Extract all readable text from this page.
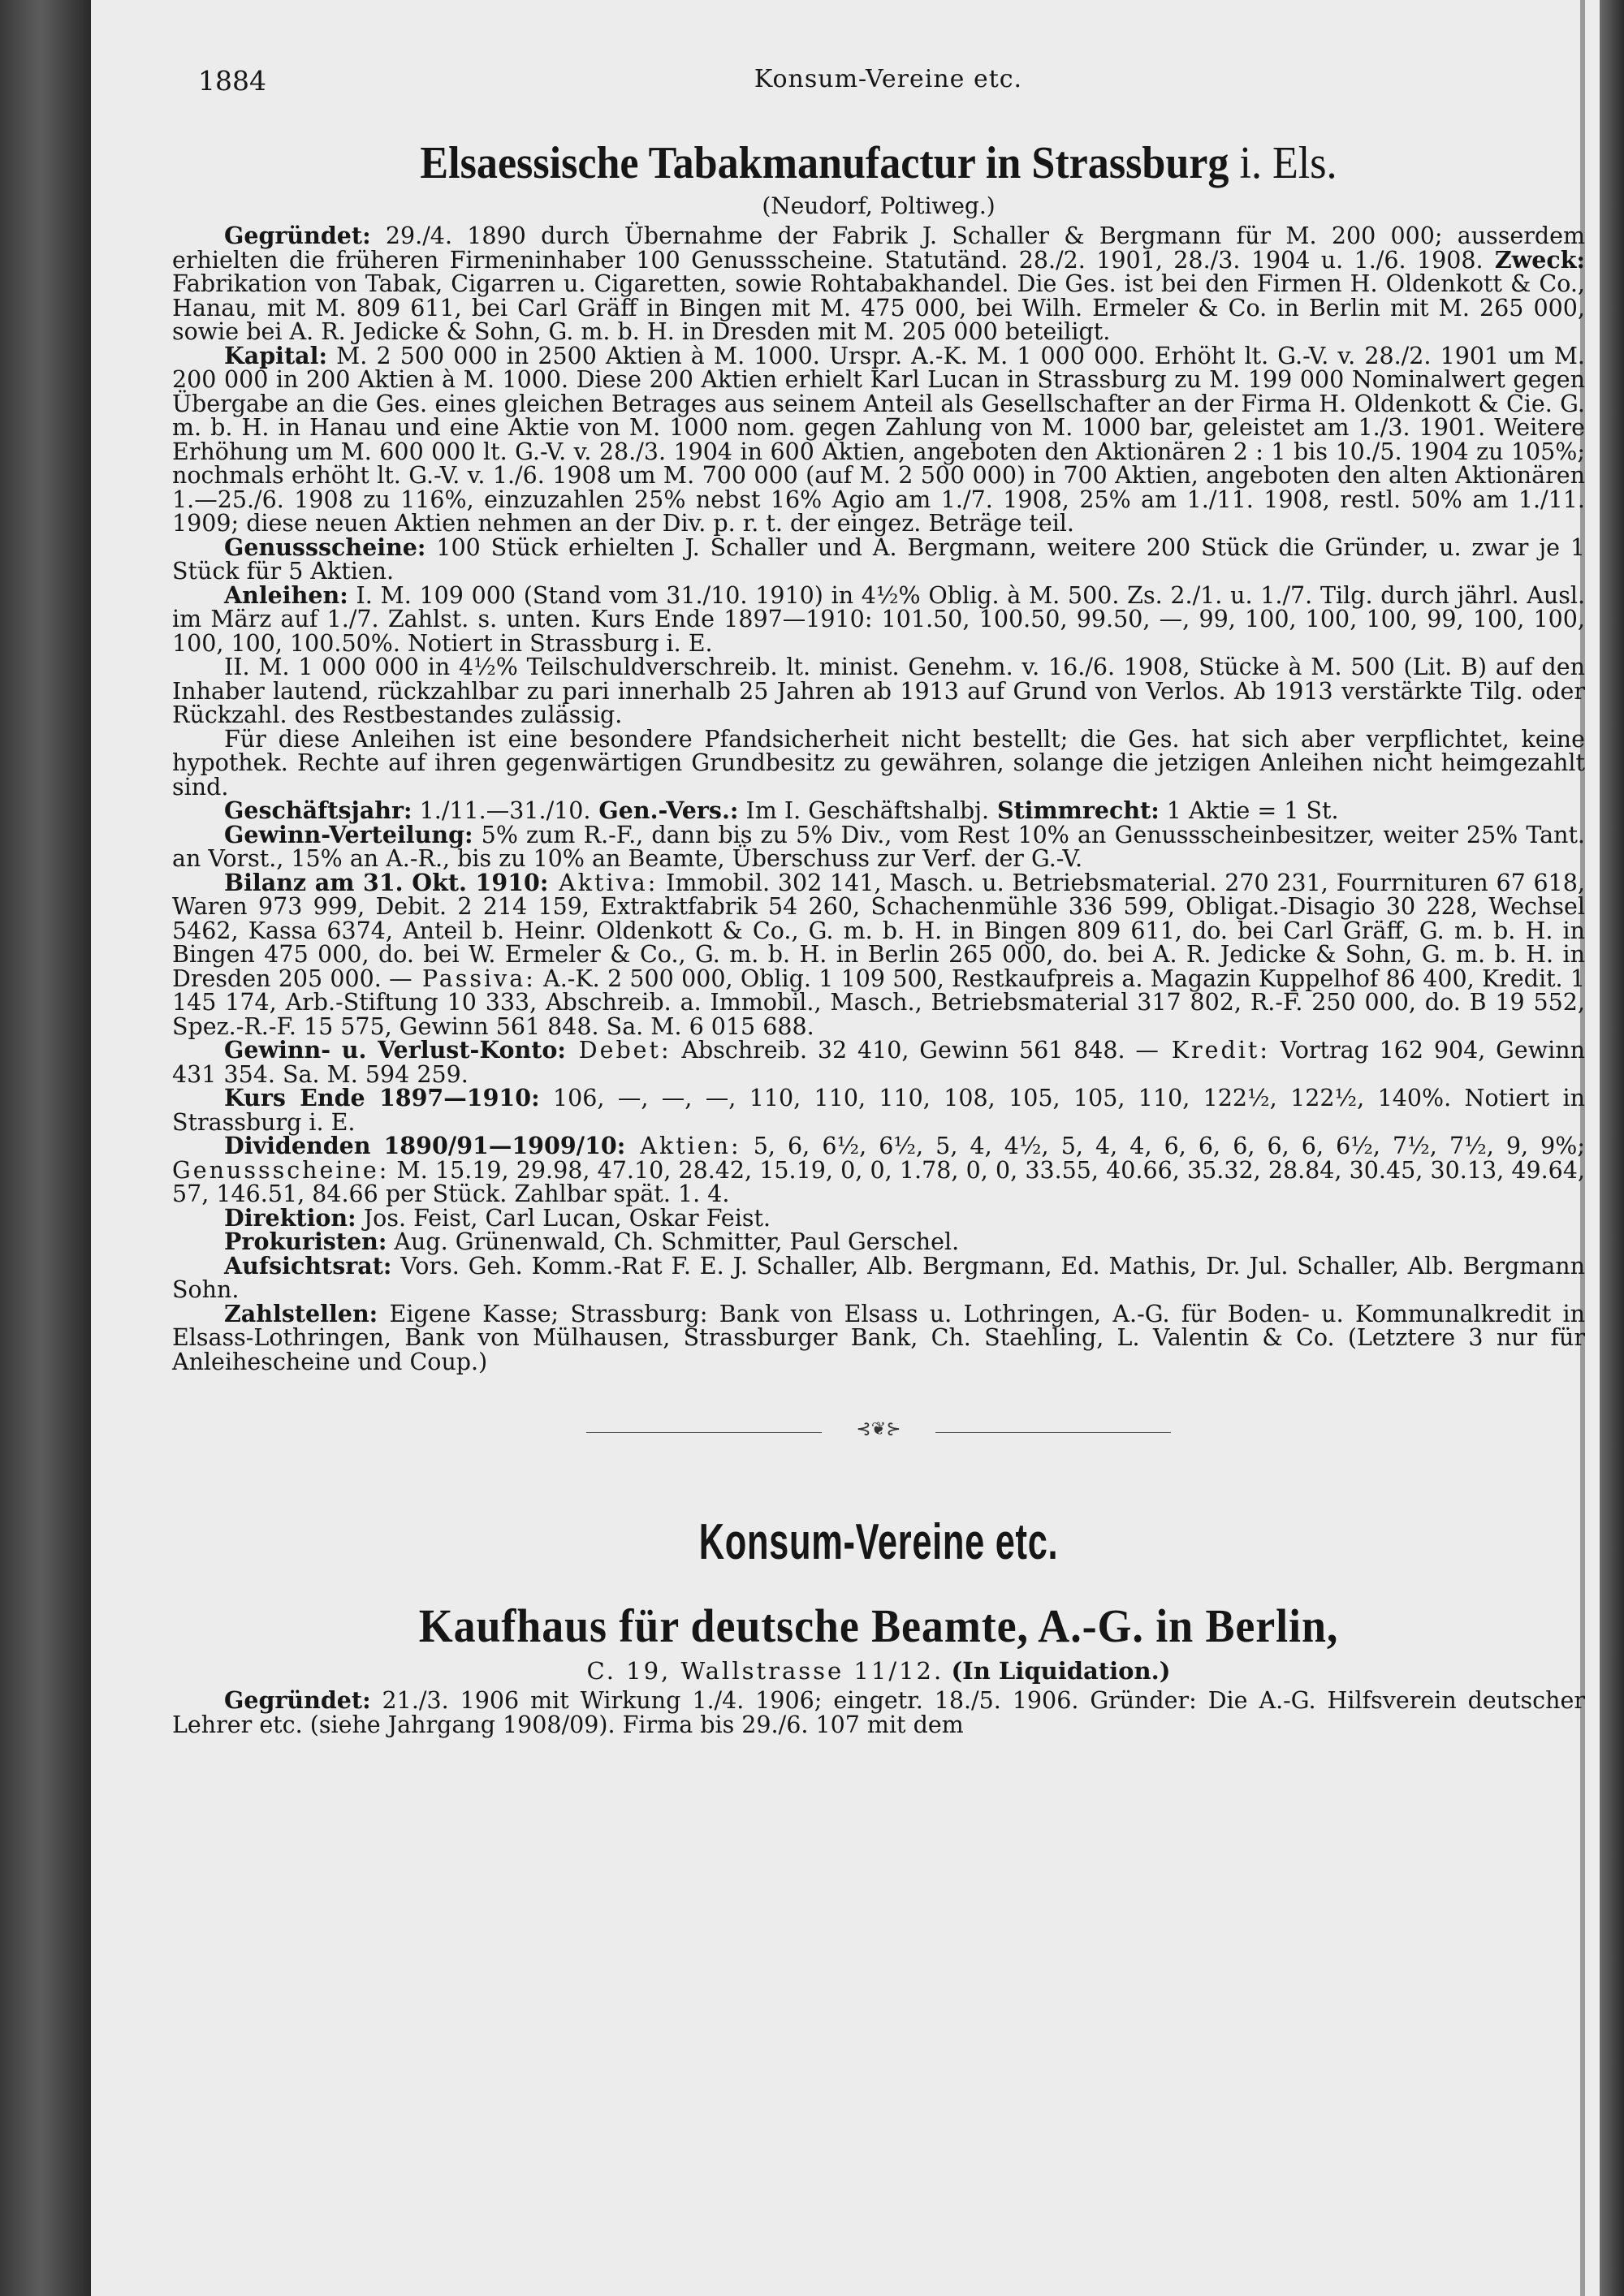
1884	Konsum-Vereine etc.
Elsaessische Tabakmanufactur in Strassburg i. Els.
(Neudorf, Poltiweg.)

Gegründet: 29./4. 1890 durch Übernahme der Fabrik J. Schaller & Bergmann für M. 200 000; ausserdem erhielten die früheren Firmeninhaber 100 Genussscheine. Statutänd. 28./2. 1901, 28./3. 1904 u. 1./6. 1908. Zweck: Fabrikation von Tabak, Cigarren u. Cigaretten, sowie Rohtabakhandel. Die Ges. ist bei den Firmen H. Oldenkott & Co., Hanau, mit M. 809 611, bei Carl Gräff in Bingen mit M. 475 000, bei Wilh. Ermeler & Co. in Berlin mit M. 265 000, sowie bei A. R. Jedicke & Sohn, G. m. b. H. in Dresden mit M. 205 000 beteiligt.

Kapital: M. 2 500 000 in 2500 Aktien à M. 1000. Urspr. A.-K. M. 1 000 000. Erhöht lt. G.-V. v. 28./2. 1901 um M. 200 000 in 200 Aktien à M. 1000. Diese 200 Aktien erhielt Karl Lucan in Strassburg zu M. 199 000 Nominalwert gegen Übergabe an die Ges. eines gleichen Betrages aus seinem Anteil als Gesellschafter an der Firma H. Oldenkott & Cie. G. m. b. H. in Hanau und eine Aktie von M. 1000 nom. gegen Zahlung von M. 1000 bar, geleistet am 1./3. 1901. Weitere Erhöhung um M. 600 000 lt. G.-V. v. 28./3. 1904 in 600 Aktien, angeboten den Aktionären 2 : 1 bis 10./5. 1904 zu 105%; nochmals erhöht lt. G.-V. v. 1./6. 1908 um M. 700 000 (auf M. 2 500 000) in 700 Aktien, angeboten den alten Aktionären 1.—25./6. 1908 zu 116%, einzuzahlen 25% nebst 16% Agio am 1./7. 1908, 25% am 1./11. 1908, restl. 50% am 1./11. 1909; diese neuen Aktien nehmen an der Div. p. r. t. der eingez. Beträge teil.

Genussscheine: 100 Stück erhielten J. Schaller und A. Bergmann, weitere 200 Stück die Gründer, u. zwar je 1 Stück für 5 Aktien.

Anleihen: I. M. 109 000 (Stand vom 31./10. 1910) in 4½% Oblig. à M. 500. Zs. 2./1. u. 1./7. Tilg. durch jährl. Ausl. im März auf 1./7. Zahlst. s. unten. Kurs Ende 1897—1910: 101.50, 100.50, 99.50, —, 99, 100, 100, 100, 99, 100, 100, 100, 100, 100.50%. Notiert in Strassburg i. E.

II. M. 1 000 000 in 4½% Teilschuldverschreib. lt. minist. Genehm. v. 16./6. 1908, Stücke à M. 500 (Lit. B) auf den Inhaber lautend, rückzahlbar zu pari innerhalb 25 Jahren ab 1913 auf Grund von Verlos. Ab 1913 verstärkte Tilg. oder Rückzahl. des Restbestandes zulässig.

Für diese Anleihen ist eine besondere Pfandsicherheit nicht bestellt; die Ges. hat sich aber verpflichtet, keine hypothek. Rechte auf ihren gegenwärtigen Grundbesitz zu gewähren, solange die jetzigen Anleihen nicht heimgezahlt sind.

Geschäftsjahr: 1./11.—31./10. Gen.-Vers.: Im I. Geschäftshalbj. Stimmrecht: 1 Aktie = 1 St.

Gewinn-Verteilung: 5% zum R.-F., dann bis zu 5% Div., vom Rest 10% an Genussscheinbesitzer, weiter 25% Tant. an Vorst., 15% an A.-R., bis zu 10% an Beamte, Überschuss zur Verf. der G.-V.

Bilanz am 31. Okt. 1910: Aktiva: Immobil. 302 141, Masch. u. Betriebsmaterial. 270 231, Fourrnituren 67 618, Waren 973 999, Debit. 2 214 159, Extraktfabrik 54 260, Schachenmühle 336 599, Obligat.-Disagio 30 228, Wechsel 5462, Kassa 6374, Anteil b. Heinr. Oldenkott & Co., G. m. b. H. in Bingen 809 611, do. bei Carl Gräff, G. m. b. H. in Bingen 475 000, do. bei W. Ermeler & Co., G. m. b. H. in Berlin 265 000, do. bei A. R. Jedicke & Sohn, G. m. b. H. in Dresden 205 000. — Passiva: A.-K. 2 500 000, Oblig. 1 109 500, Restkaufpreis a. Magazin Kuppelhof 86 400, Kredit. 1 145 174, Arb.-Stiftung 10 333, Abschreib. a. Immobil., Masch., Betriebsmaterial 317 802, R.-F. 250 000, do. B 19 552, Spez.-R.-F. 15 575, Gewinn 561 848. Sa. M. 6 015 688.

Gewinn- u. Verlust-Konto: Debet: Abschreib. 32 410, Gewinn 561 848. — Kredit: Vortrag 162 904, Gewinn 431 354. Sa. M. 594 259.

Kurs Ende 1897—1910: 106, —, —, —, 110, 110, 110, 108, 105, 105, 110, 122½, 122½, 140%. Notiert in Strassburg i. E.

Dividenden 1890/91—1909/10: Aktien: 5, 6, 6½, 6½, 5, 4, 4½, 5, 4, 4, 6, 6, 6, 6, 6, 6½, 7½, 7½, 9, 9%; Genussscheine: M. 15.19, 29.98, 47.10, 28.42, 15.19, 0, 0, 1.78, 0, 0, 33.55, 40.66, 35.32, 28.84, 30.45, 30.13, 49.64, 57, 146.51, 84.66 per Stück. Zahlbar spät. 1. 4.

Direktion: Jos. Feist, Carl Lucan, Oskar Feist.

Prokuristen: Aug. Grünenwald, Ch. Schmitter, Paul Gerschel.

Aufsichtsrat: Vors. Geh. Komm.-Rat F. E. J. Schaller, Alb. Bergmann, Ed. Mathis, Dr. Jul. Schaller, Alb. Bergmann Sohn.

Zahlstellen: Eigene Kasse; Strassburg: Bank von Elsass u. Lothringen, A.-G. für Boden- u. Kommunalkredit in Elsass-Lothringen, Bank von Mülhausen, Strassburger Bank, Ch. Staehling, L. Valentin & Co. (Letztere 3 nur für Anleihescheine und Coup.)

⊰❦⊱
Konsum-Vereine etc.
Kaufhaus für deutsche Beamte, A.-G. in Berlin,
C. 19, Wallstrasse 11/12. (In Liquidation.)

Gegründet: 21./3. 1906 mit Wirkung 1./4. 1906; eingetr. 18./5. 1906. Gründer: Die A.-G. Hilfsverein deutscher Lehrer etc. (siehe Jahrgang 1908/09). Firma bis 29./6. 107 mit dem
